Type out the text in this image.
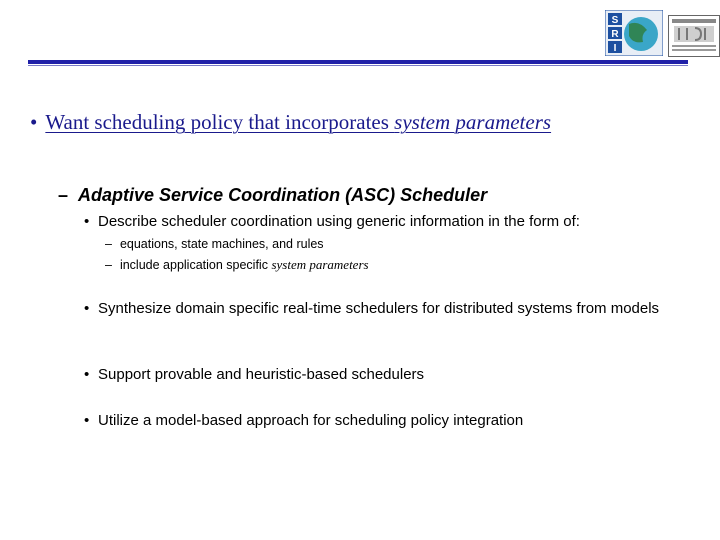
S
R
I
• Want scheduling policy that incorporates system parameters
– Adaptive Service Coordination (ASC) Scheduler
• Describe scheduler coordination using generic information in the form of:
– equations, state machines, and rules
– include application specific system parameters
• Synthesize domain specific real-time schedulers for distributed systems from models
• Support provable and heuristic-based schedulers
• Utilize a model-based approach for scheduling policy integration
